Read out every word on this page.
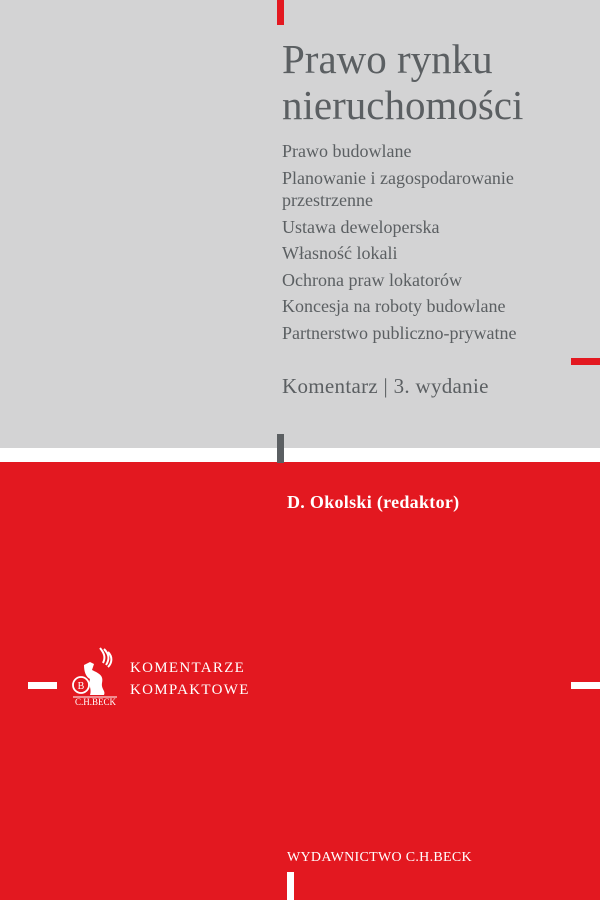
Prawo rynku
nieruchomości
Prawo budowlane
Planowanie i zagospodarowanie
przestrzenne
Ustawa deweloperska
Własność lokali
Ochrona praw lokatorów
Koncesja na roboty budowlane
Partnerstwo publiczno-prywatne
Komentarz | 3. wydanie
D. Okolski (redaktor)
B
C.H.BECK
KOMENTARZE
KOMPAKTOWE
WYDAWNICTWO C.H.BECK
